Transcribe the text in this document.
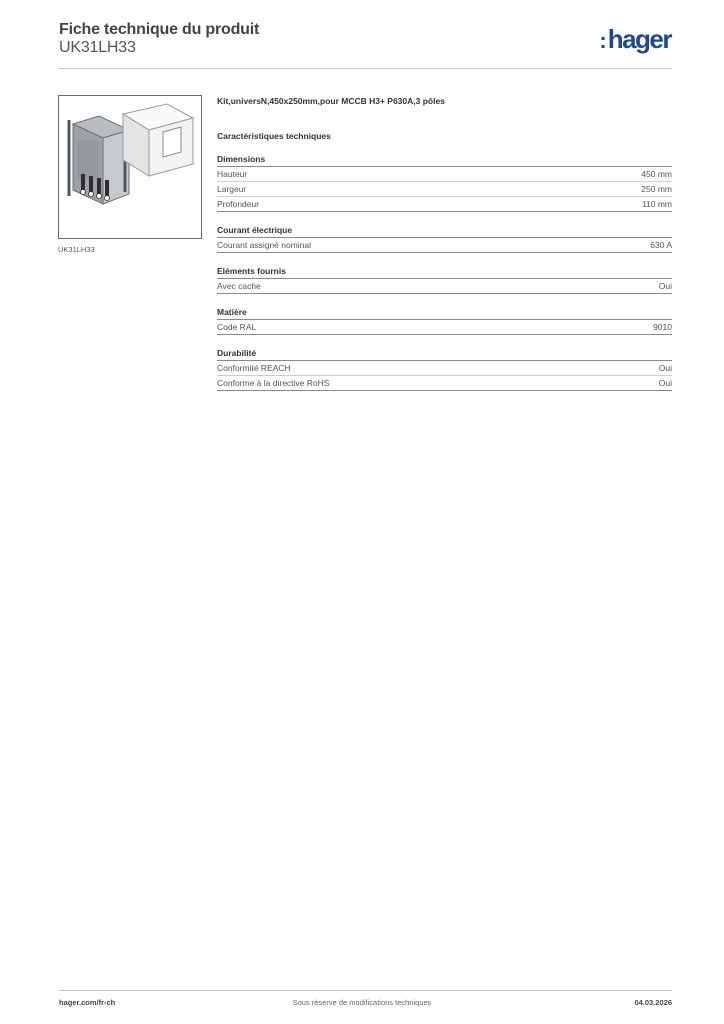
Fiche technique du produit
UK31LH33	:hager
UK31LH33
Kit,universN,450x250mm,pour MCCB H3+ P630A,3 pôles
Caractéristiques techniques
Dimensions
Hauteur	450 mm
Largeur	250 mm
Profondeur	110 mm
Courant électrique
Courant assigné nominal	630 A
Eléments fournis
Avec cache	Oui
Matière
Code RAL	9010
Durabilité
Conformité REACH	Oui
Conforme à la directive RoHS	Oui
hager.com/fr-ch	Sous réserve de modifications techniques	04.03.2026
